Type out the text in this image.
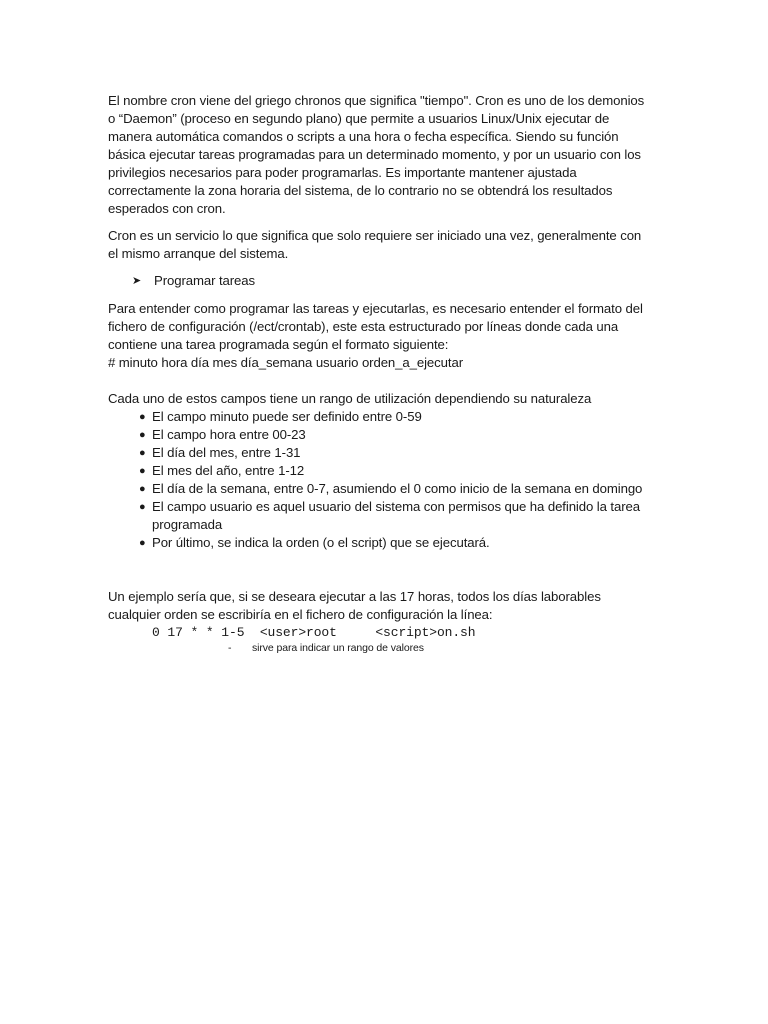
El nombre cron viene del griego chronos que significa "tiempo". Cron es uno de los demonios o “Daemon” (proceso en segundo plano) que permite a usuarios Linux/Unix ejecutar de manera automática comandos o scripts a una hora o fecha específica. Siendo su función básica ejecutar tareas programadas para un determinado momento, y por un usuario con los privilegios necesarios para poder programarlas. Es importante mantener ajustada correctamente la zona horaria del sistema, de lo contrario no se obtendrá los resultados esperados con cron.

Cron es un servicio lo que significa que solo requiere ser iniciado una vez, generalmente con el mismo arranque del sistema.

➤ Programar tareas

Para entender como programar las tareas y ejecutarlas, es necesario entender el formato del fichero de configuración (/ect/crontab), este esta estructurado por líneas donde cada una contiene una tarea programada según el formato siguiente:

# minuto hora día mes día_semana usuario orden_a_ejecutar

Cada uno de estos campos tiene un rango de utilización dependiendo su naturaleza

● El campo minuto puede ser definido entre 0-59
● El campo hora entre 00-23
● El día del mes, entre 1-31
● El mes del año, entre 1-12
● El día de la semana, entre 0-7, asumiendo el 0 como inicio de la semana en domingo
● El campo usuario es aquel usuario del sistema con permisos que ha definido la tarea programada
● Por último, se indica la orden (o el script) que se ejecutará.

Un ejemplo sería que, si se deseara ejecutar a las 17 horas, todos los días laborables cualquier orden se escribiría en el fichero de configuración la línea:

0 17 * * 1-5  <user>root     <script>on.sh
-	sirve para indicar un rango de valores
